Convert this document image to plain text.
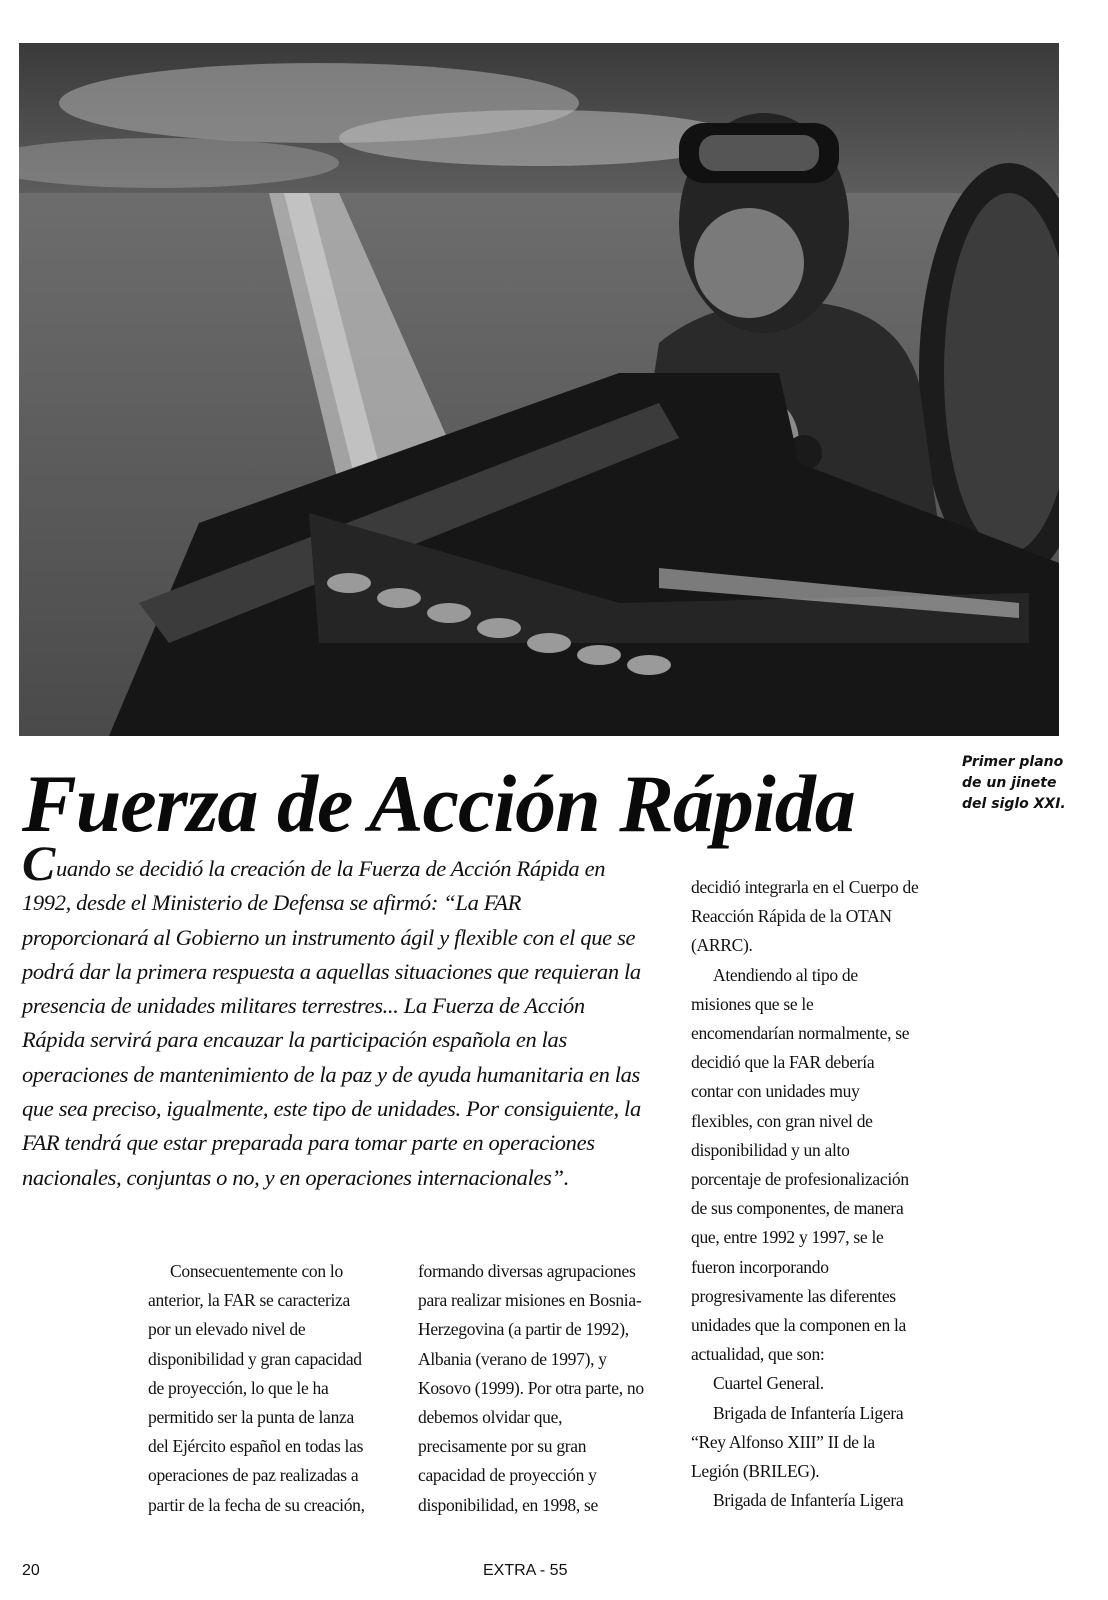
Primer plano
de un jinete
del siglo XXI.
Fuerza de Acción Rápida
Cuando se decidió la creación de la Fuerza de Acción Rápida en
1992, desde el Ministerio de Defensa se afirmó: “La FAR
proporcionará al Gobierno un instrumento ágil y flexible con el que se
podrá dar la primera respuesta a aquellas situaciones que requieran la
presencia de unidades militares terrestres... La Fuerza de Acción
Rápida servirá para encauzar la participación española en las
operaciones de mantenimiento de la paz y de ayuda humanitaria en las
que sea preciso, igualmente, este tipo de unidades. Por consiguiente, la
FAR tendrá que estar preparada para tomar parte en operaciones
nacionales, conjuntas o no, y en operaciones internacionales”.
Consecuentemente con lo
anterior, la FAR se caracteriza
por un elevado nivel de
disponibilidad y gran capacidad
de proyección, lo que le ha
permitido ser la punta de lanza
del Ejército español en todas las
operaciones de paz realizadas a
partir de la fecha de su creación,
formando diversas agrupaciones
para realizar misiones en Bosnia-
Herzegovina (a partir de 1992),
Albania (verano de 1997), y
Kosovo (1999). Por otra parte, no
debemos olvidar que,
precisamente por su gran
capacidad de proyección y
disponibilidad, en 1998, se
decidió integrarla en el Cuerpo de
Reacción Rápida de la OTAN
(ARRC).
Atendiendo al tipo de
misiones que se le
encomendarían normalmente, se
decidió que la FAR debería
contar con unidades muy
flexibles, con gran nivel de
disponibilidad y un alto
porcentaje de profesionalización
de sus componentes, de manera
que, entre 1992 y 1997, se le
fueron incorporando
progresivamente las diferentes
unidades que la componen en la
actualidad, que son:
Cuartel General.
Brigada de Infantería Ligera
“Rey Alfonso XIII” II de la
Legión (BRILEG).
Brigada de Infantería Ligera
20	EXTRA - 55
